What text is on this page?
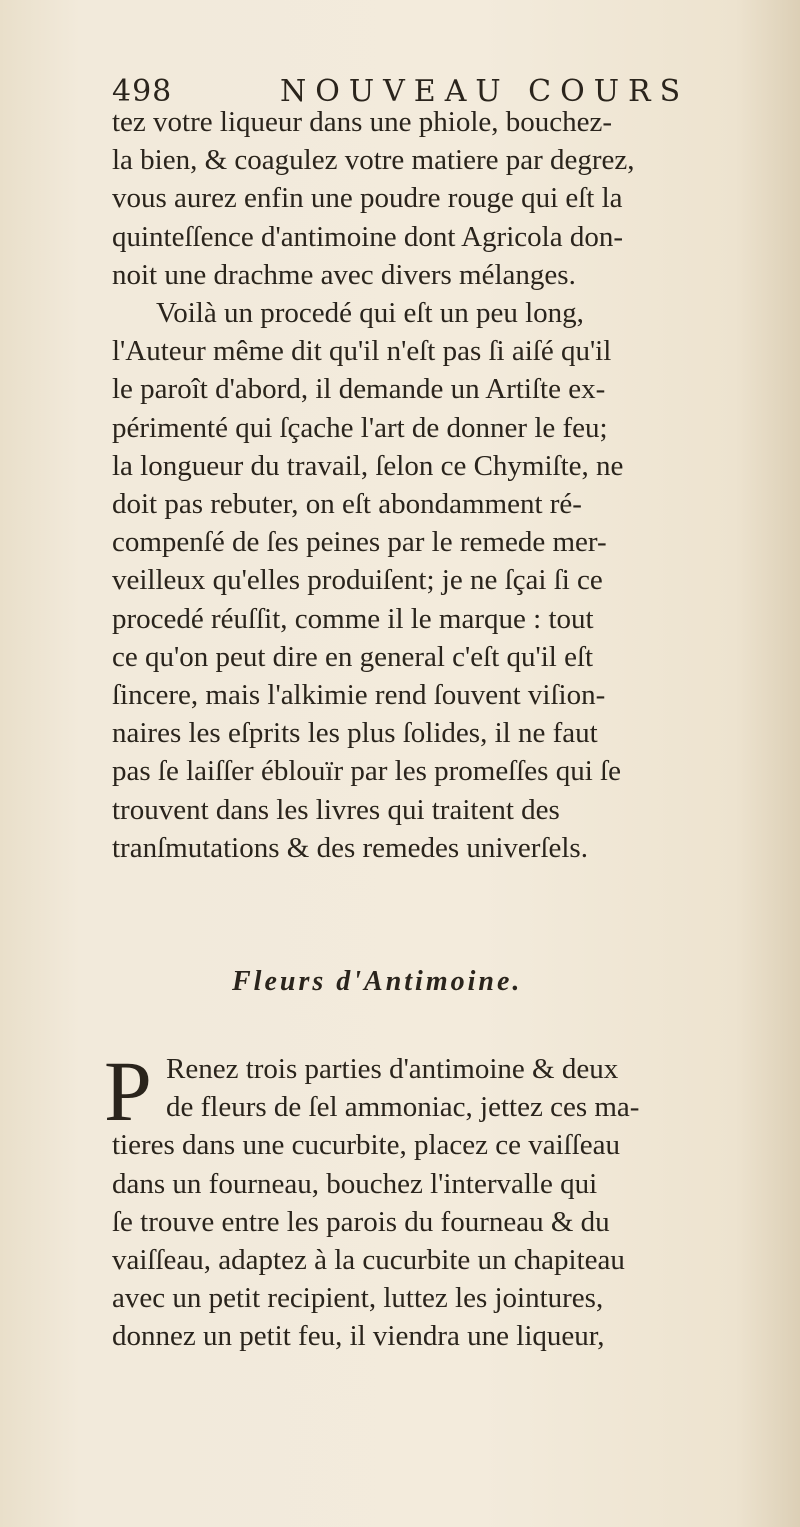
498	NOUVEAU COURS
tez votre liqueur dans une phiole, bouchez-
la bien, & coagulez votre matiere par degrez,
vous aurez enfin une poudre rouge qui eſt la
quinteſſence d'antimoine dont Agricola don-
noit une drachme avec divers mélanges.
Voilà un procedé qui eſt un peu long,
l'Auteur même dit qu'il n'eſt pas ſi aiſé qu'il
le paroît d'abord, il demande un Artiſte ex-
périmenté qui ſçache l'art de donner le feu;
la longueur du travail, ſelon ce Chymiſte, ne
doit pas rebuter, on eſt abondamment ré-
compenſé de ſes peines par le remede mer-
veilleux qu'elles produiſent; je ne ſçai ſi ce
procedé réuſſit, comme il le marque : tout
ce qu'on peut dire en general c'eſt qu'il eſt
ſincere, mais l'alkimie rend ſouvent viſion-
naires les eſprits les plus ſolides, il ne faut
pas ſe laiſſer éblouïr par les promeſſes qui ſe
trouvent dans les livres qui traitent des
tranſmutations & des remedes univerſels.
Fleurs d'Antimoine.
P Renez trois parties d'antimoine & deux
de fleurs de ſel ammoniac, jettez ces ma-
tieres dans une cucurbite, placez ce vaiſſeau
dans un fourneau, bouchez l'intervalle qui
ſe trouve entre les parois du fourneau & du
vaiſſeau, adaptez à la cucurbite un chapiteau
avec un petit recipient, luttez les jointures,
donnez un petit feu, il viendra une liqueur,
